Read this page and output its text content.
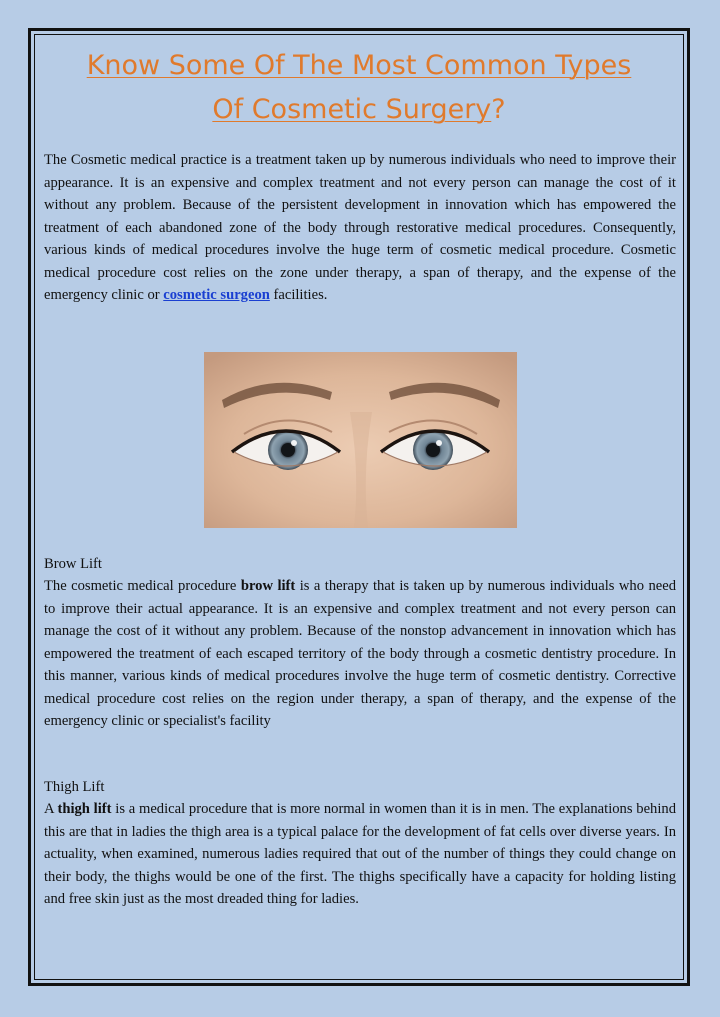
Know Some Of The Most Common Types
Of Cosmetic Surgery?

The Cosmetic medical practice is a treatment taken up by numerous individuals who need to improve their appearance. It is an expensive and complex treatment and not every person can manage the cost of it without any problem. Because of the persistent development in innovation which has empowered the treatment of each abandoned zone of the body through restorative medical procedures. Consequently, various kinds of medical procedures involve the huge term of cosmetic medical procedure. Cosmetic medical procedure cost relies on the zone under therapy, a span of therapy, and the expense of the emergency clinic or cosmetic surgeon facilities.

Brow Lift

The cosmetic medical procedure brow lift is a therapy that is taken up by numerous individuals who need to improve their actual appearance. It is an expensive and complex treatment and not every person can manage the cost of it without any problem. Because of the nonstop advancement in innovation which has empowered the treatment of each escaped territory of the body through a cosmetic dentistry procedure. In this manner, various kinds of medical procedures involve the huge term of cosmetic dentistry. Corrective medical procedure cost relies on the region under therapy, a span of therapy, and the expense of the emergency clinic or specialist's facility

Thigh Lift

A thigh lift is a medical procedure that is more normal in women than it is in men. The explanations behind this are that in ladies the thigh area is a typical palace for the development of fat cells over diverse years. In actuality, when examined, numerous ladies required that out of the number of things they could change on their body, the thighs would be one of the first. The thighs specifically have a capacity for holding listing and free skin just as the most dreaded thing for ladies.
